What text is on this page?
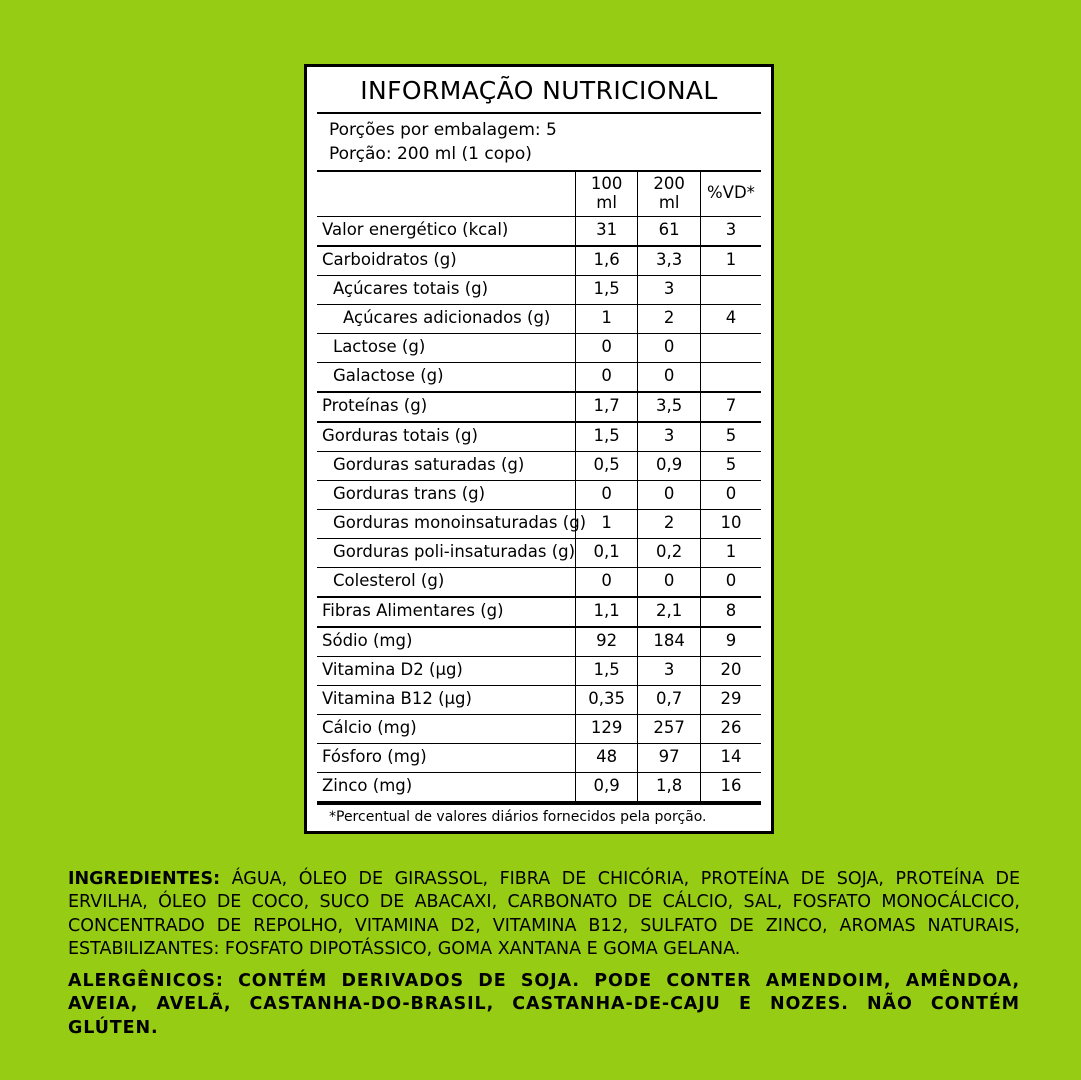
INFORMAÇÃO NUTRICIONAL
Porções por embalagem: 5
Porção: 200 ml (1 copo)
	100 ml	200 ml	%VD*
Valor energético (kcal)	31	61	3
Carboidratos (g)	1,6	3,3	1
Açúcares totais (g)	1,5	3	
Açúcares adicionados (g)	1	2	4
Lactose (g)	0	0	
Galactose (g)	0	0	
Proteínas (g)	1,7	3,5	7
Gorduras totais (g)	1,5	3	5
Gorduras saturadas (g)	0,5	0,9	5
Gorduras trans (g)	0	0	0
Gorduras monoinsaturadas (g)	1	2	10
Gorduras poli-insaturadas (g)	0,1	0,2	1
Colesterol (g)	0	0	0
Fibras Alimentares (g)	1,1	2,1	8
Sódio (mg)	92	184	9
Vitamina D2 (µg)	1,5	3	20
Vitamina B12 (µg)	0,35	0,7	29
Cálcio (mg)	129	257	26
Fósforo (mg)	48	97	14
Zinco (mg)	0,9	1,8	16
*Percentual de valores diários fornecidos pela porção.
INGREDIENTES: ÁGUA, ÓLEO DE GIRASSOL, FIBRA DE CHICÓRIA, PROTEÍNA DE SOJA, PROTEÍNA DE ERVILHA, ÓLEO DE COCO, SUCO DE ABACAXI, CARBONATO DE CÁLCIO, SAL, FOSFATO MONOCÁLCICO, CONCENTRADO DE REPOLHO, VITAMINA D2, VITAMINA B12, SULFATO DE ZINCO, AROMAS NATURAIS, ESTABILIZANTES: FOSFATO DIPOTÁSSICO, GOMA XANTANA E GOMA GELANA.
ALERGÊNICOS: CONTÉM DERIVADOS DE SOJA. PODE CONTER AMENDOIM, AMÊNDOA, AVEIA, AVELÃ, CASTANHA-DO-BRASIL, CASTANHA-DE-CAJU E NOZES. NÃO CONTÉM GLÚTEN.
